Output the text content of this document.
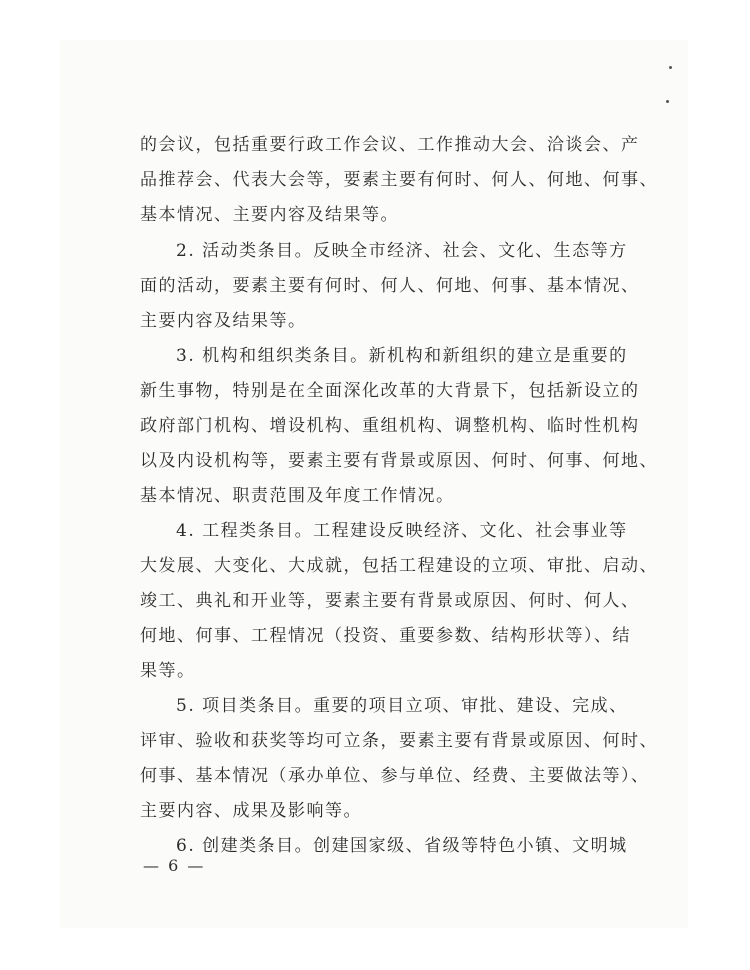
的会议，包括重要行政工作会议、工作推动大会、洽谈会、产
品推荐会、代表大会等，要素主要有何时、何人、何地、何事、
基本情况、主要内容及结果等。
2. 活动类条目。反映全市经济、社会、文化、生态等方
面的活动，要素主要有何时、何人、何地、何事、基本情况、
主要内容及结果等。
3. 机构和组织类条目。新机构和新组织的建立是重要的
新生事物，特别是在全面深化改革的大背景下，包括新设立的
政府部门机构、增设机构、重组机构、调整机构、临时性机构
以及内设机构等，要素主要有背景或原因、何时、何事、何地、
基本情况、职责范围及年度工作情况。
4. 工程类条目。工程建设反映经济、文化、社会事业等
大发展、大变化、大成就，包括工程建设的立项、审批、启动、
竣工、典礼和开业等，要素主要有背景或原因、何时、何人、
何地、何事、工程情况（投资、重要参数、结构形状等）、结
果等。
5. 项目类条目。重要的项目立项、审批、建设、完成、
评审、验收和获奖等均可立条，要素主要有背景或原因、何时、
何事、基本情况（承办单位、参与单位、经费、主要做法等）、
主要内容、成果及影响等。
6. 创建类条目。创建国家级、省级等特色小镇、文明城
— 6 —
